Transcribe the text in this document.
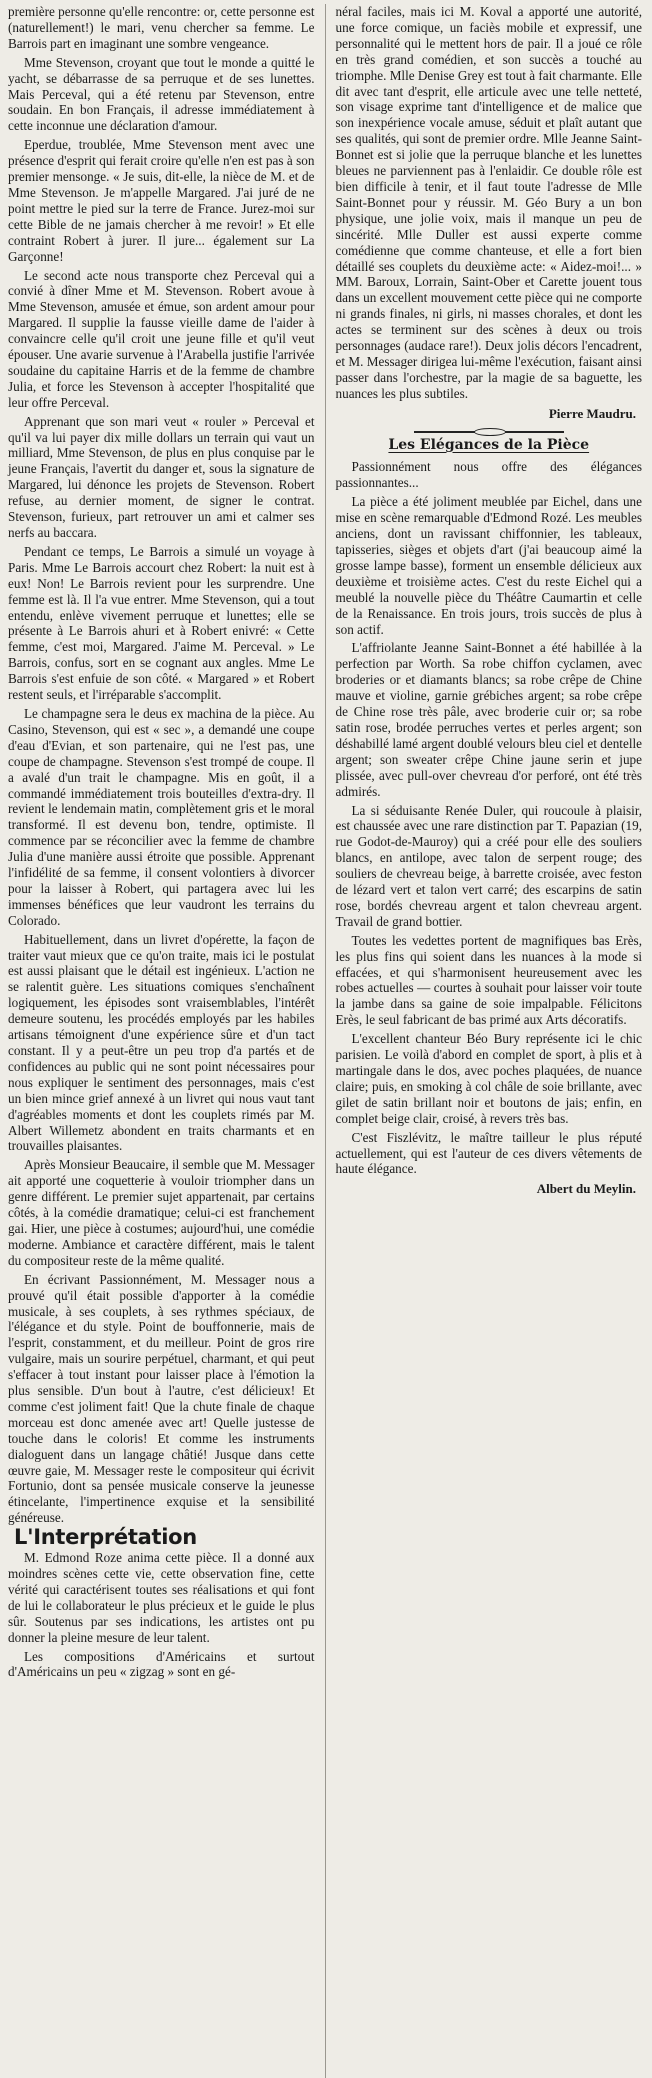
première personne qu'elle rencontre: or, cette personne est (naturellement!) le mari, venu chercher sa femme. Le Barrois part en imaginant une sombre vengeance.

Mme Stevenson, croyant que tout le monde a quitté le yacht, se débarrasse de sa perruque et de ses lunettes. Mais Perceval, qui a été retenu par Stevenson, entre soudain. En bon Français, il adresse immédiatement à cette inconnue une déclaration d'amour.

Eperdue, troublée, Mme Stevenson ment avec une présence d'esprit qui ferait croire qu'elle n'en est pas à son premier mensonge. « Je suis, dit-elle, la nièce de M. et de Mme Stevenson. Je m'appelle Margared. J'ai juré de ne point mettre le pied sur la terre de France. Jurez-moi sur cette Bible de ne jamais chercher à me revoir! » Et elle contraint Robert à jurer. Il jure... également sur La Garçonne!

Le second acte nous transporte chez Perceval qui a convié à dîner Mme et M. Stevenson. Robert avoue à Mme Stevenson, amusée et émue, son ardent amour pour Margared. Il supplie la fausse vieille dame de l'aider à convaincre celle qu'il croit une jeune fille et qu'il veut épouser. Une avarie survenue à l'Arabella justifie l'arrivée soudaine du capitaine Harris et de la femme de chambre Julia, et force les Stevenson à accepter l'hospitalité que leur offre Perceval.

Apprenant que son mari veut « rouler » Perceval et qu'il va lui payer dix mille dollars un terrain qui vaut un milliard, Mme Stevenson, de plus en plus conquise par le jeune Français, l'avertit du danger et, sous la signature de Margared, lui dénonce les projets de Stevenson. Robert refuse, au dernier moment, de signer le contrat. Stevenson, furieux, part retrouver un ami et calmer ses nerfs au baccara.

Pendant ce temps, Le Barrois a simulé un voyage à Paris. Mme Le Barrois accourt chez Robert: la nuit est à eux! Non! Le Barrois revient pour les surprendre. Une femme est là. Il l'a vue entrer. Mme Stevenson, qui a tout entendu, enlève vivement perruque et lunettes; elle se présente à Le Barrois ahuri et à Robert enivré: « Cette femme, c'est moi, Margared. J'aime M. Perceval. » Le Barrois, confus, sort en se cognant aux angles. Mme Le Barrois s'est enfuie de son côté. « Margared » et Robert restent seuls, et l'irréparable s'accomplit.

Le champagne sera le deus ex machina de la pièce. Au Casino, Stevenson, qui est « sec », a demandé une coupe d'eau d'Evian, et son partenaire, qui ne l'est pas, une coupe de champagne. Stevenson s'est trompé de coupe. Il a avalé d'un trait le champagne. Mis en goût, il a commandé immédiatement trois bouteilles d'extra-dry. Il revient le lendemain matin, complètement gris et le moral transformé. Il est devenu bon, tendre, optimiste. Il commence par se réconcilier avec la femme de chambre Julia d'une manière aussi étroite que possible. Apprenant l'infidélité de sa femme, il consent volontiers à divorcer pour la laisser à Robert, qui partagera avec lui les immenses bénéfices que leur vaudront les terrains du Colorado.

Habituellement, dans un livret d'opérette, la façon de traiter vaut mieux que ce qu'on traite, mais ici le postulat est aussi plaisant que le détail est ingénieux. L'action ne se ralentit guère. Les situations comiques s'enchaînent logiquement, les épisodes sont vraisemblables, l'intérêt demeure soutenu, les procédés employés par les habiles artisans témoignent d'une expérience sûre et d'un tact constant. Il y a peut-être un peu trop d'a partés et de confidences au public qui ne sont point nécessaires pour nous expliquer le sentiment des personnages, mais c'est un bien mince grief annexé à un livret qui nous vaut tant d'agréables moments et dont les couplets rimés par M. Albert Willemetz abondent en traits charmants et en trouvailles plaisantes.

Après Monsieur Beaucaire, il semble que M. Messager ait apporté une coquetterie à vouloir triompher dans un genre différent. Le premier sujet appartenait, par certains côtés, à la comédie dramatique; celui-ci est franchement gai. Hier, une pièce à costumes; aujourd'hui, une comédie moderne. Ambiance et caractère différent, mais le talent du compositeur reste de la même qualité.

En écrivant Passionnément, M. Messager nous a prouvé qu'il était possible d'apporter à la comédie musicale, à ses couplets, à ses rythmes spéciaux, de l'élégance et du style. Point de bouffonnerie, mais de l'esprit, constamment, et du meilleur. Point de gros rire vulgaire, mais un sourire perpétuel, charmant, et qui peut s'effacer à tout instant pour laisser place à l'émotion la plus sensible. D'un bout à l'autre, c'est délicieux! Et comme c'est joliment fait! Que la chute finale de chaque morceau est donc amenée avec art! Quelle justesse de touche dans le coloris! Et comme les instruments dialoguent dans un langage châtié! Jusque dans cette œuvre gaie, M. Messager reste le compositeur qui écrivit Fortunio, dont sa pensée musicale conserve la jeunesse étincelante, l'impertinence exquise et la sensibilité généreuse.

L'Interprétation

M. Edmond Roze anima cette pièce. Il a donné aux moindres scènes cette vie, cette observation fine, cette vérité qui caractérisent toutes ses réalisations et qui font de lui le collaborateur le plus précieux et le guide le plus sûr. Soutenus par ses indications, les artistes ont pu donner la pleine mesure de leur talent.

Les compositions d'Américains et surtout d'Américains un peu « zigzag » sont en gé-

néral faciles, mais ici M. Koval a apporté une autorité, une force comique, un faciès mobile et expressif, une personnalité qui le mettent hors de pair. Il a joué ce rôle en très grand comédien, et son succès a touché au triomphe. Mlle Denise Grey est tout à fait charmante. Elle dit avec tant d'esprit, elle articule avec une telle netteté, son visage exprime tant d'intelligence et de malice que son inexpérience vocale amuse, séduit et plaît autant que ses qualités, qui sont de premier ordre. Mlle Jeanne Saint-Bonnet est si jolie que la perruque blanche et les lunettes bleues ne parviennent pas à l'enlaidir. Ce double rôle est bien difficile à tenir, et il faut toute l'adresse de Mlle Saint-Bonnet pour y réussir. M. Géo Bury a un bon physique, une jolie voix, mais il manque un peu de sincérité. Mlle Duller est aussi experte comme comédienne que comme chanteuse, et elle a fort bien détaillé ses couplets du deuxième acte: « Aidez-moi!... » MM. Baroux, Lorrain, Saint-Ober et Carette jouent tous dans un excellent mouvement cette pièce qui ne comporte ni grands finales, ni girls, ni masses chorales, et dont les actes se terminent sur des scènes à deux ou trois personnages (audace rare!). Deux jolis décors l'encadrent, et M. Messager dirigea lui-même l'exécution, faisant ainsi passer dans l'orchestre, par la magie de sa baguette, les nuances les plus subtiles.

Pierre Maudru.
Les Elégances de la Pièce

Passionnément nous offre des élégances passionnantes...

La pièce a été joliment meublée par Eichel, dans une mise en scène remarquable d'Edmond Rozé. Les meubles anciens, dont un ravissant chiffonnier, les tableaux, tapisseries, sièges et objets d'art (j'ai beaucoup aimé la grosse lampe basse), forment un ensemble délicieux aux deuxième et troisième actes. C'est du reste Eichel qui a meublé la nouvelle pièce du Théâtre Caumartin et celle de la Renaissance. En trois jours, trois succès de plus à son actif.

L'affriolante Jeanne Saint-Bonnet a été habillée à la perfection par Worth. Sa robe chiffon cyclamen, avec broderies or et diamants blancs; sa robe crêpe de Chine mauve et violine, garnie grébiches argent; sa robe crêpe de Chine rose très pâle, avec broderie cuir or; sa robe satin rose, brodée perruches vertes et perles argent; son déshabillé lamé argent doublé velours bleu ciel et dentelle argent; son sweater crêpe Chine jaune serin et jupe plissée, avec pull-over chevreau d'or perforé, ont été très admirés.

La si séduisante Renée Duler, qui roucoule à plaisir, est chaussée avec une rare distinction par T. Papazian (19, rue Godot-de-Mauroy) qui a créé pour elle des souliers blancs, en antilope, avec talon de serpent rouge; des souliers de chevreau beige, à barrette croisée, avec feston de lézard vert et talon vert carré; des escarpins de satin rose, bordés chevreau argent et talon chevreau argent. Travail de grand bottier.

Toutes les vedettes portent de magnifiques bas Erès, les plus fins qui soient dans les nuances à la mode si effacées, et qui s'harmonisent heureusement avec les robes actuelles — courtes à souhait pour laisser voir toute la jambe dans sa gaine de soie impalpable. Félicitons Erès, le seul fabricant de bas primé aux Arts décoratifs.

L'excellent chanteur Béo Bury représente ici le chic parisien. Le voilà d'abord en complet de sport, à plis et à martingale dans le dos, avec poches plaquées, de nuance claire; puis, en smoking à col châle de soie brillante, avec gilet de satin brillant noir et boutons de jais; enfin, en complet beige clair, croisé, à revers très bas.

C'est Fiszlévitz, le maître tailleur le plus réputé actuellement, qui est l'auteur de ces divers vêtements de haute élégance.

Albert du Meylin.
